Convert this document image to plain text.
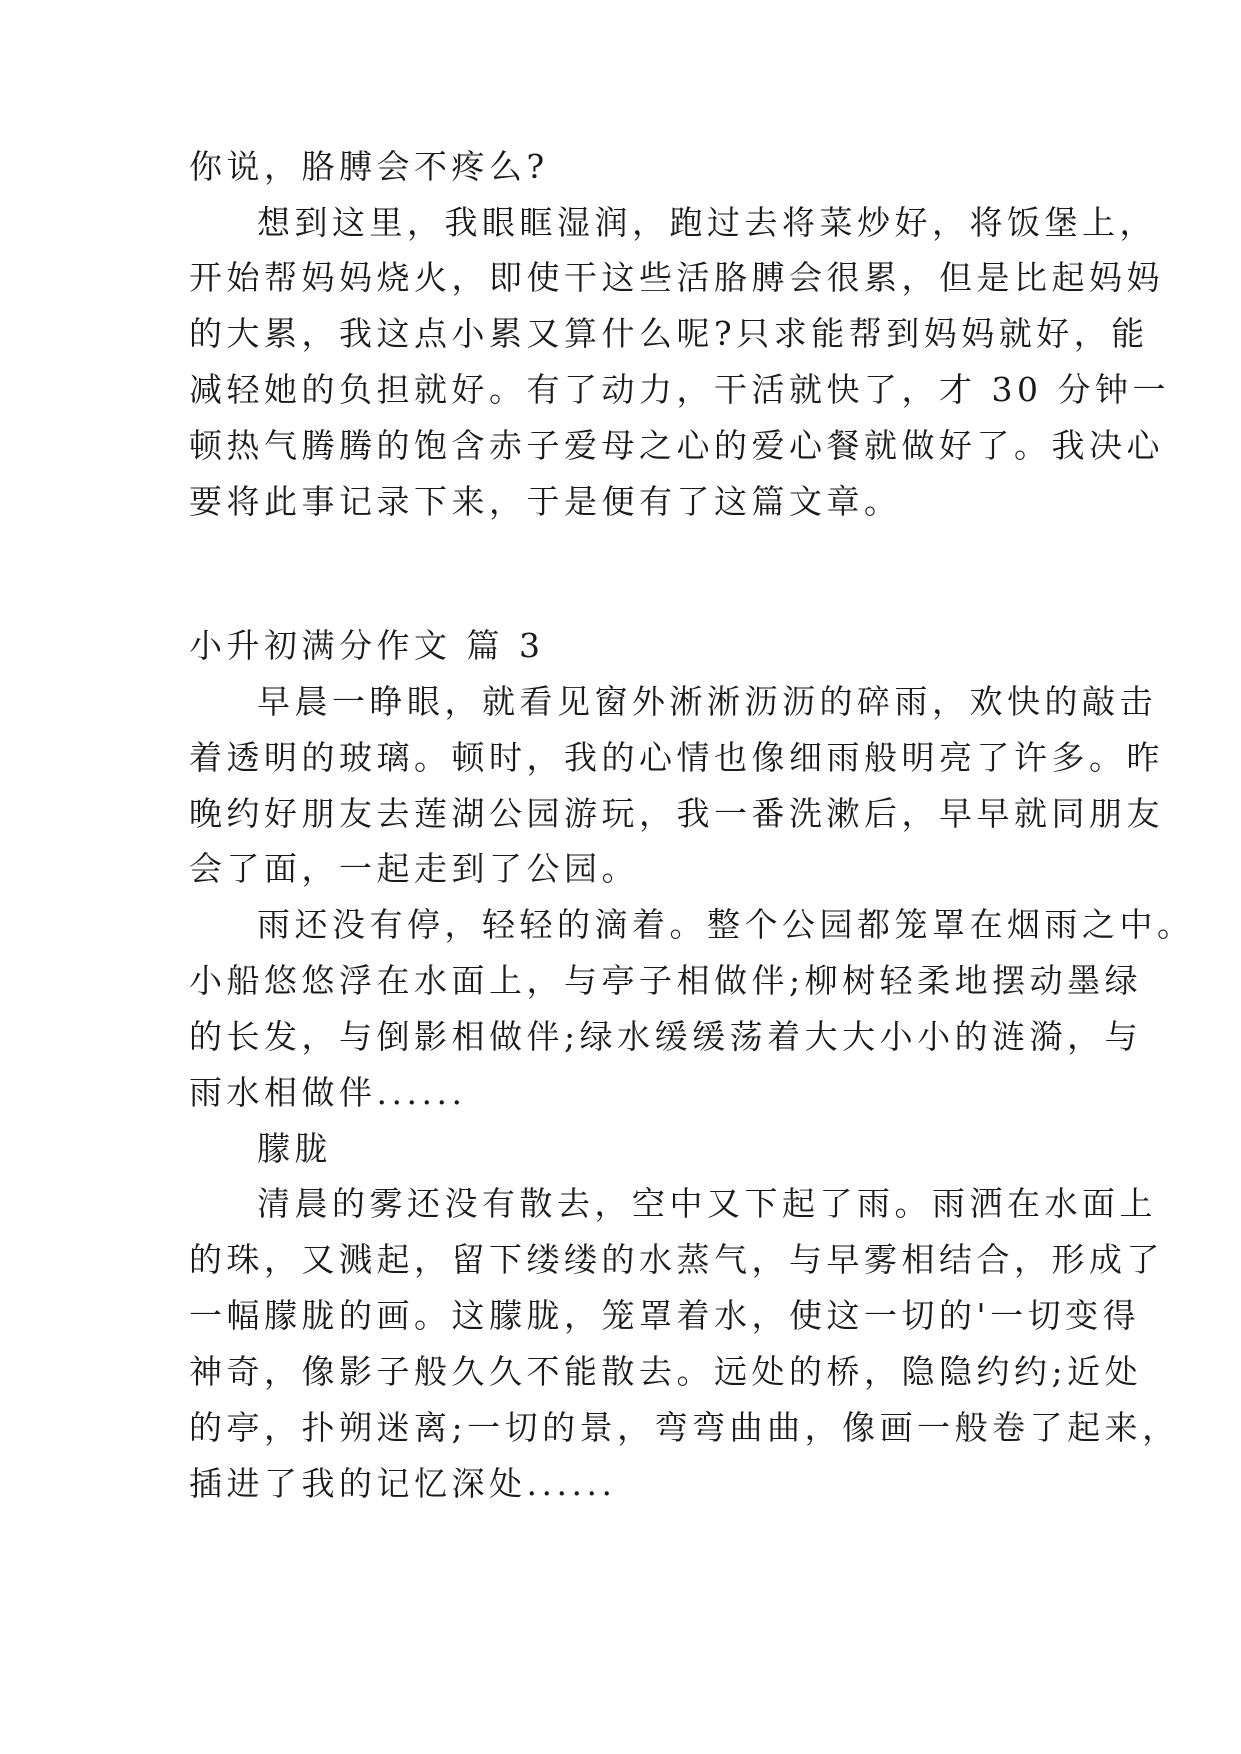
你说，胳膊会不疼么?
想到这里，我眼眶湿润，跑过去将菜炒好，将饭堡上，
开始帮妈妈烧火，即使干这些活胳膊会很累，但是比起妈妈
的大累，我这点小累又算什么呢?只求能帮到妈妈就好，能
减轻她的负担就好。有了动力，干活就快了，才 30 分钟一
顿热气腾腾的饱含赤子爱母之心的爱心餐就做好了。我决心
要将此事记录下来，于是便有了这篇文章。
小升初满分作文 篇 3
早晨一睁眼，就看见窗外淅淅沥沥的碎雨，欢快的敲击
着透明的玻璃。顿时，我的心情也像细雨般明亮了许多。昨
晚约好朋友去莲湖公园游玩，我一番洗漱后，早早就同朋友
会了面，一起走到了公园。
雨还没有停，轻轻的滴着。整个公园都笼罩在烟雨之中。
小船悠悠浮在水面上，与亭子相做伴;柳树轻柔地摆动墨绿
的长发，与倒影相做伴;绿水缓缓荡着大大小小的涟漪，与
雨水相做伴......
朦胧
清晨的雾还没有散去，空中又下起了雨。雨洒在水面上
的珠，又溅起，留下缕缕的水蒸气，与早雾相结合，形成了
一幅朦胧的画。这朦胧，笼罩着水，使这一切的'一切变得
神奇，像影子般久久不能散去。远处的桥，隐隐约约;近处
的亭，扑朔迷离;一切的景，弯弯曲曲，像画一般卷了起来，
插进了我的记忆深处......
